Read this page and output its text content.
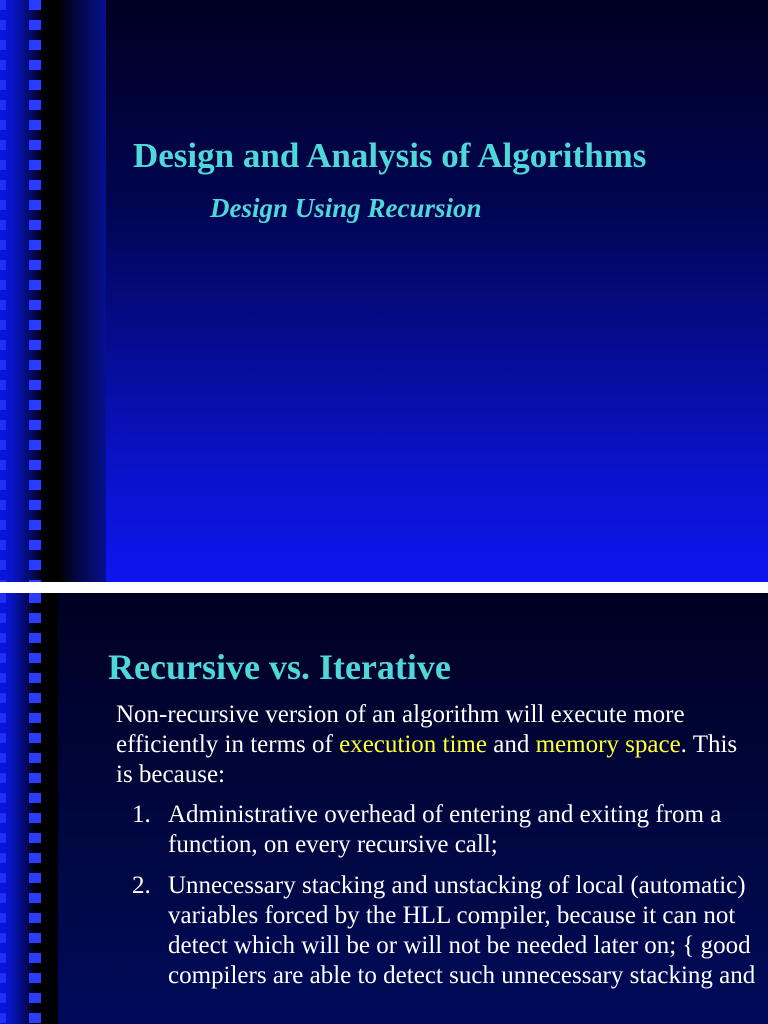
Design and Analysis of Algorithms
Design Using Recursion
Recursive vs. Iterative

Non-recursive version of an algorithm will execute more efficiently in terms of execution time and memory space. This is because:

1. Administrative overhead of entering and exiting from a function, on every recursive call;
2. Unnecessary stacking and unstacking of local (automatic) variables forced by the HLL compiler, because it can not detect which will be or will not be needed later on; { good compilers are able to detect such unnecessary stacking and
